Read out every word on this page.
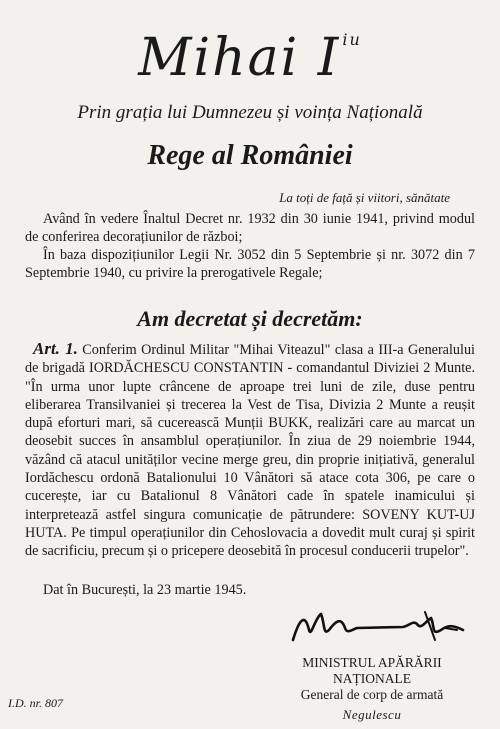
Mihai I $^{iu}$
Prin grația lui Dumnezeu și voința Națională
Rege al României
La toți de față și viitori, sănătate
Având în vedere Înaltul Decret nr. 1932 din 30 iunie 1941, privind modul de conferirea decorațiunilor de război;
În baza dispozițiunilor Legii Nr. 3052 din 5 Septembrie și nr. 3072 din 7 Septembrie 1940, cu privire la prerogativele Regale;
Am decretat și decretăm:
Art. 1. Conferim Ordinul Militar "Mihai Viteazul" clasa a III-a Generalului de brigadă IORDĂCHESCU CONSTANTIN - comandantul Diviziei 2 Munte. "În urma unor lupte crâncene de aproape trei luni de zile, duse pentru eliberarea Transilvaniei și trecerea la Vest de Tisa, Divizia 2 Munte a reușit după eforturi mari, să cucerească Munții BUKK, realizări care au marcat un deosebit succes în ansamblul operațiunilor. În ziua de 29 noiembrie 1944, văzând că atacul unităților vecine merge greu, din proprie inițiativă, generalul Iordăchescu ordonă Batalionului 10 Vânători să atace cota 306, pe care o cucerește, iar cu Batalionul 8 Vânători cade în spatele inamicului și interpretează astfel singura comunicație de pătrundere: SOVENY KUT-UJ HUTA. Pe timpul operațiunilor din Cehoslovacia a dovedit mult curaj și spirit de sacrificiu, precum și o pricepere deosebită în procesul conducerii trupelor".
Dat în București, la 23 martie 1945.
MINISTRUL APĂRĂRII NAȚIONALE
General de corp de armată
Negulescu
I.D. nr. 807
